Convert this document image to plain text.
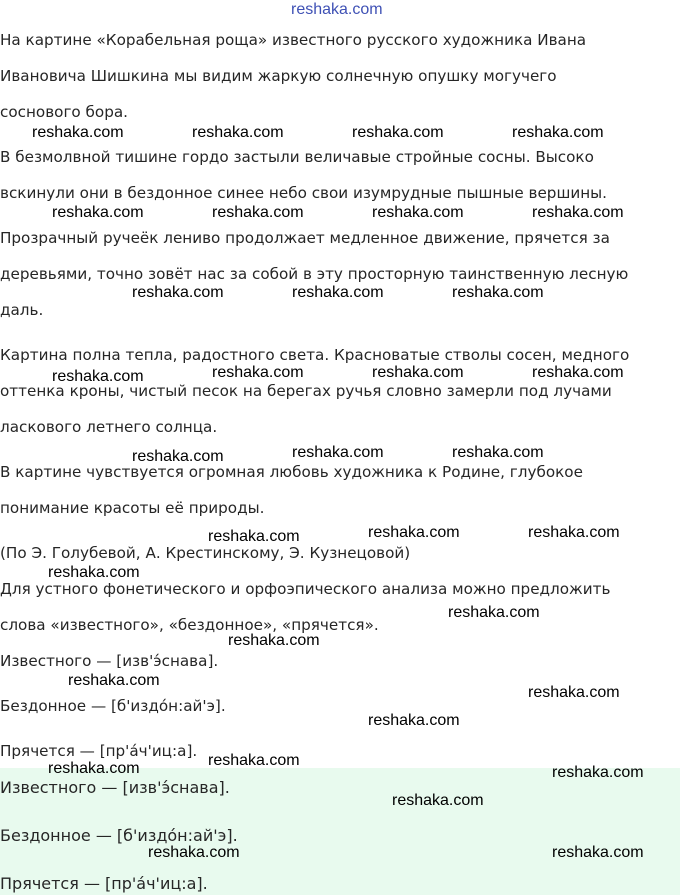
reshaka.com

На картине «Корабельная роща» известного русского художника Ивана

Ивановича Шишкина мы видим жаркую солнечную опушку могучего

соснового бора.

В безмолвной тишине гордо застыли величавые стройные сосны. Высоко

вскинули они в бездонное синее небо свои изумрудные пышные вершины.

Прозрачный ручеёк лениво продолжает медленное движение, прячется за

деревьями, точно зовёт нас за собой в эту просторную таинственную лесную

даль.

Картина полна тепла, радостного света. Красноватые стволы сосен, медного

оттенка кроны, чистый песок на берегах ручья словно замерли под лучами

ласкового летнего солнца.

В картине чувствуется огромная любовь художника к Родине, глубокое

понимание красоты её природы.

(По Э. Голубевой, А. Крестинскому, Э. Кузнецовой)

Для устного фонетического и орфоэпического анализа можно предложить

слова «известного», «бездонное», «прячется».

Известного — [изв'э́снава].

Бездонное — [б'издо́н:ай'э].

Прячется — [пр'а́ч'иц:а].

Известного — [изв'э́снава].

Бездонное — [б'издо́н:ай'э].

Прячется — [пр'а́ч'иц:а].

reshaka.com	reshaka.com	reshaka.com	reshaka.com
reshaka.com	reshaka.com	reshaka.com	reshaka.com
reshaka.com	reshaka.com	reshaka.com
reshaka.com	reshaka.com	reshaka.com	reshaka.com
reshaka.com	reshaka.com	reshaka.com
reshaka.com	reshaka.com	reshaka.com
reshaka.com
reshaka.com
reshaka.com
reshaka.com
reshaka.com
reshaka.com
reshaka.com
reshaka.com	reshaka.com
reshaka.com
reshaka.com	reshaka.com
